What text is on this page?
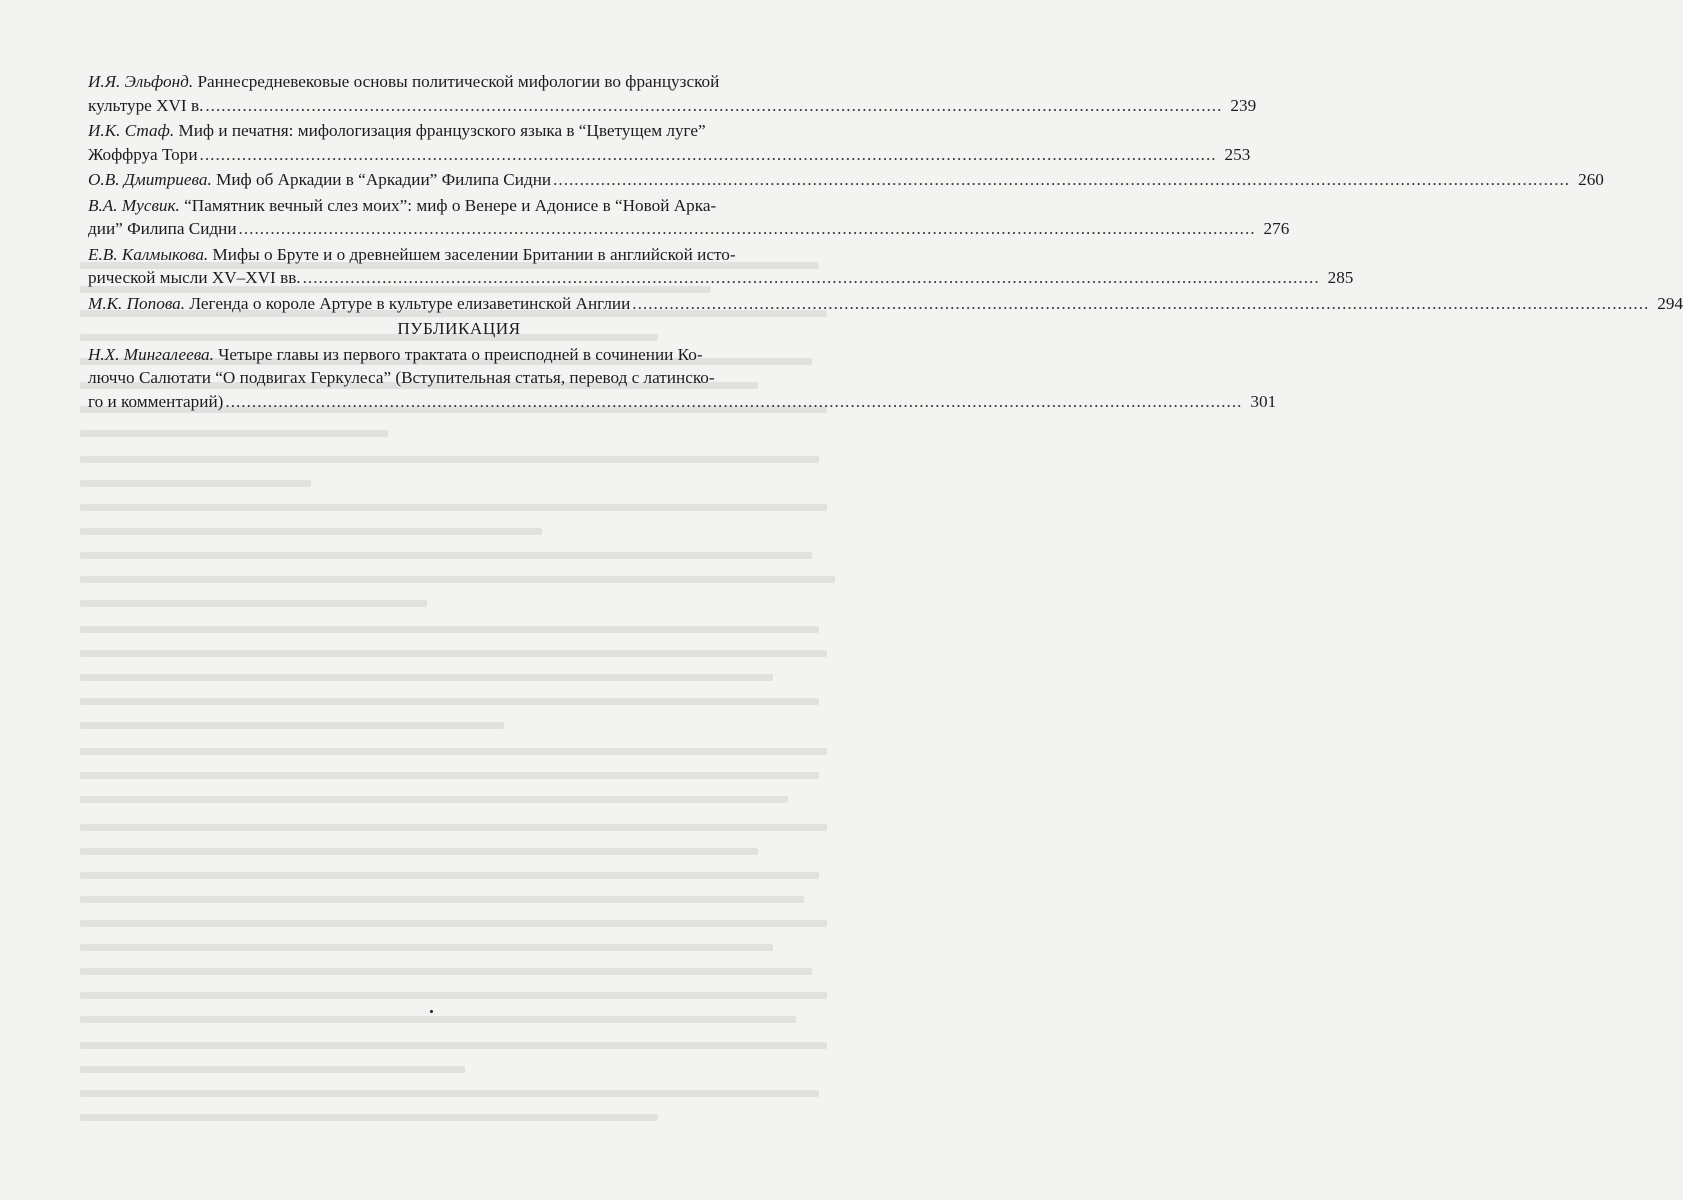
И.Я. Эльфонд. Раннесредневековые основы политической мифологии во французской

культуре XVI в. ................................................................................................................................................................................................ 239

И.К. Стаф. Миф и печатня: мифологизация французского языка в “Цветущем луге”

Жоффруа Тори ................................................................................................................................................................................................ 253
О.В. Дмитриева. Миф об Аркадии в “Аркадии” Филипа Сидни ................................................................................................................................................................................................ 260

В.А. Мусвик. “Памятник вечный слез моих”: миф о Венере и Адонисе в “Новой Арка-

дии” Филипа Сидни ................................................................................................................................................................................................ 276

Е.В. Калмыкова. Мифы о Бруте и о древнейшем заселении Британии в английской исто-

рической мысли XV–XVI вв. ................................................................................................................................................................................................ 285
М.К. Попова. Легенда о короле Артуре в культуре елизаветинской Англии ................................................................................................................................................................................................ 294
ПУБЛИКАЦИЯ

Н.Х. Мингалеева. Четыре главы из первого трактата о преисподней в сочинении Ко-

люччо Салютати “О подвигах Геркулеса” (Вступительная статья, перевод с латинско-

го и комментарий) ................................................................................................................................................................................................ 301
